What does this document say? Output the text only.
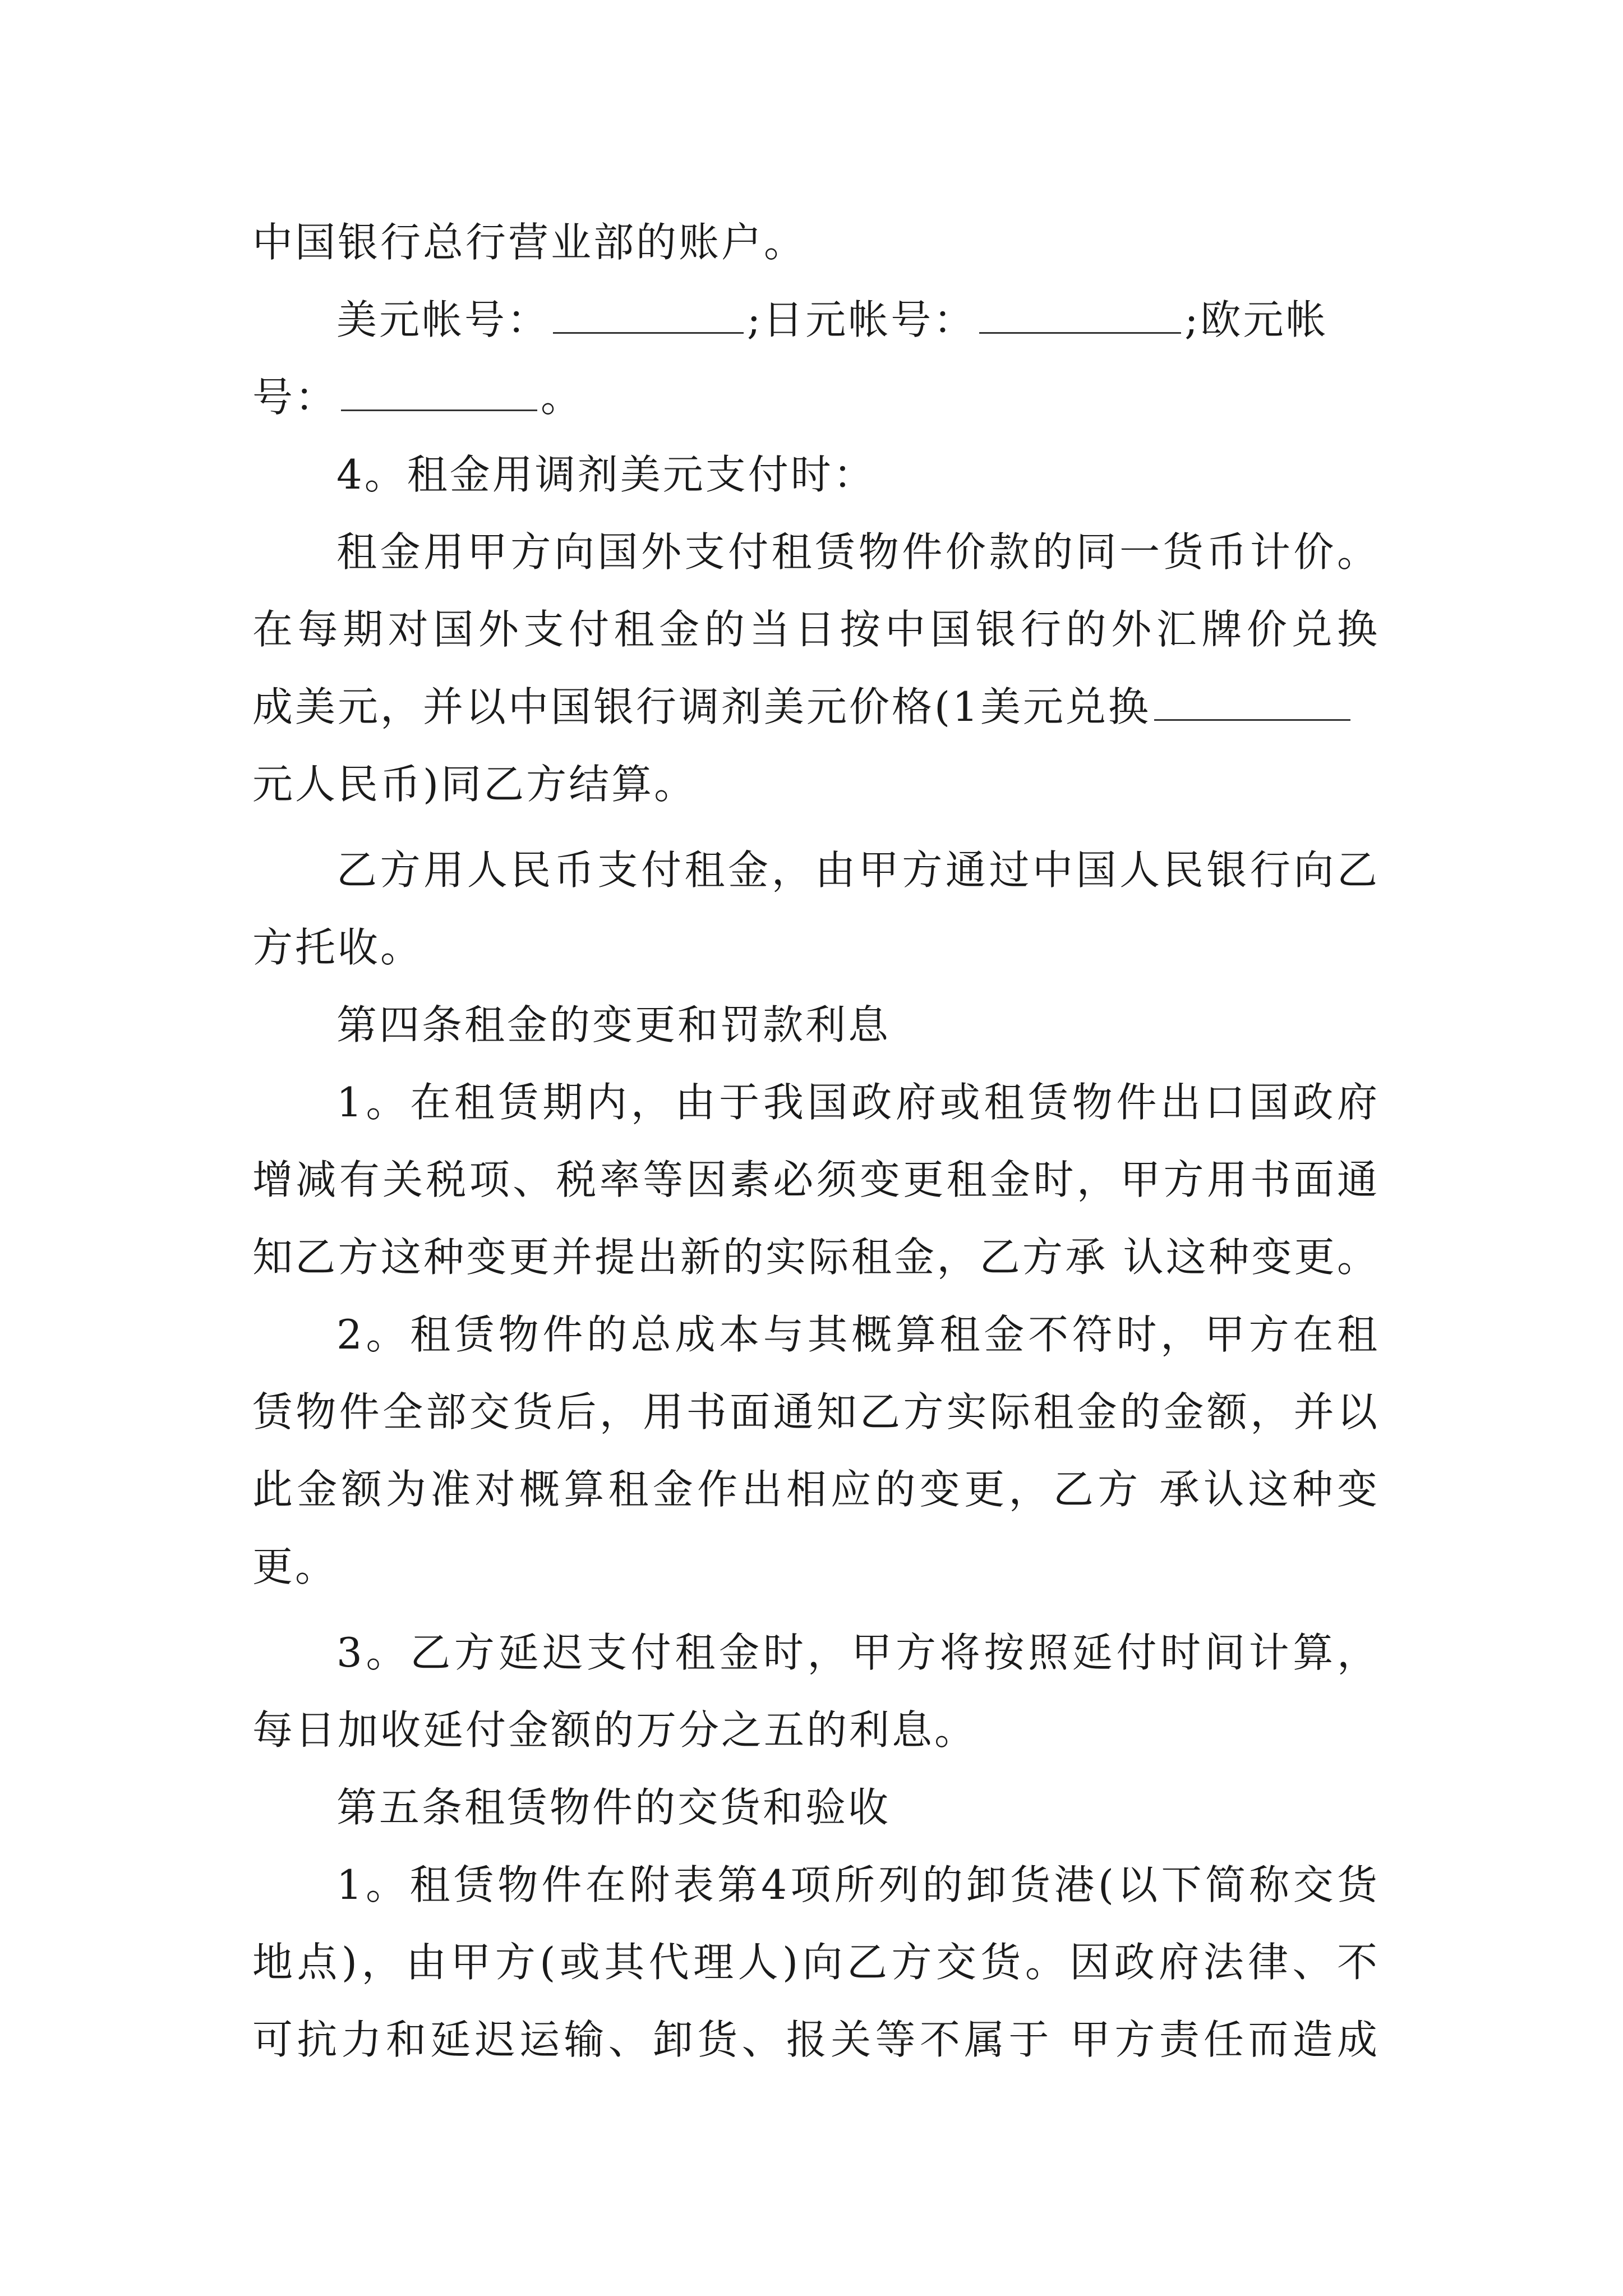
中国银行总行营业部的账户。
美元帐号：	;日元帐号：	;欧元帐
号：	。
4。租金用调剂美元支付时：
租金用甲方向国外支付租赁物件价款的同一货币计价。
在每期对国外支付租金的当日按中国银行的外汇牌价兑换
成美元，并以中国银行调剂美元价格(1美元兑换
元人民币)同乙方结算。
乙方用人民币支付租金，由甲方通过中国人民银行向乙
方托收。
第四条租金的变更和罚款利息
1。在租赁期内，由于我国政府或租赁物件出口国政府
增减有关税项、税率等因素必须变更租金时，甲方用书面通
知乙方这种变更并提出新的实际租金，乙方承 认这种变更。
2。租赁物件的总成本与其概算租金不符时，甲方在租
赁物件全部交货后，用书面通知乙方实际租金的金额，并以
此金额为准对概算租金作出相应的变更，乙方 承认这种变
更。
3。乙方延迟支付租金时，甲方将按照延付时间计算，
每日加收延付金额的万分之五的利息。
第五条租赁物件的交货和验收
1。租赁物件在附表第4项所列的卸货港(以下简称交货
地点)，由甲方(或其代理人)向乙方交货。因政府法律、不
可抗力和延迟运输、卸货、报关等不属于 甲方责任而造成
